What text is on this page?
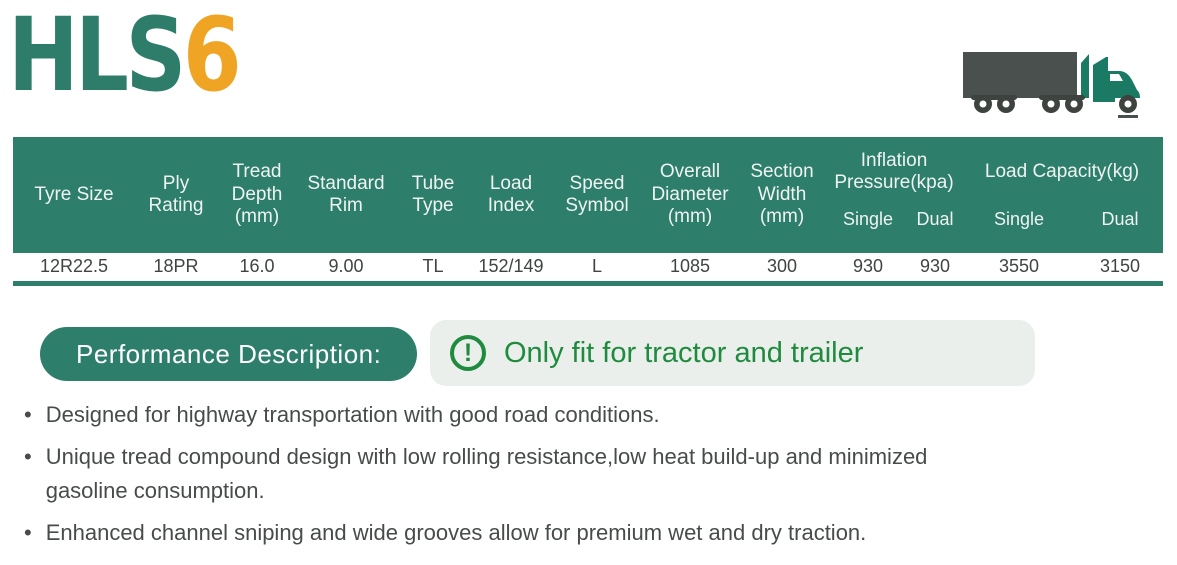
HLS6
Tyre Size	Ply Rating	Tread Depth (mm)	Standard Rim	Tube Type	Load Index	Speed Symbol	Overall Diameter (mm)	Section Width (mm)	Inflation Pressure(kpa)		Load Capacity(kg)	
									Single	Dual	Single	Dual
12R22.5	18PR	16.0	9.00	TL	152/149	L	1085	300	930	930	3550	3150
Performance Description:	!	Only fit for tractor and trailer
• Designed for highway transportation with good road conditions.
• Unique tread compound design with low rolling resistance,low heat build-up and minimized gasoline consumption.
• Enhanced channel sniping and wide grooves allow for premium wet and dry traction.
